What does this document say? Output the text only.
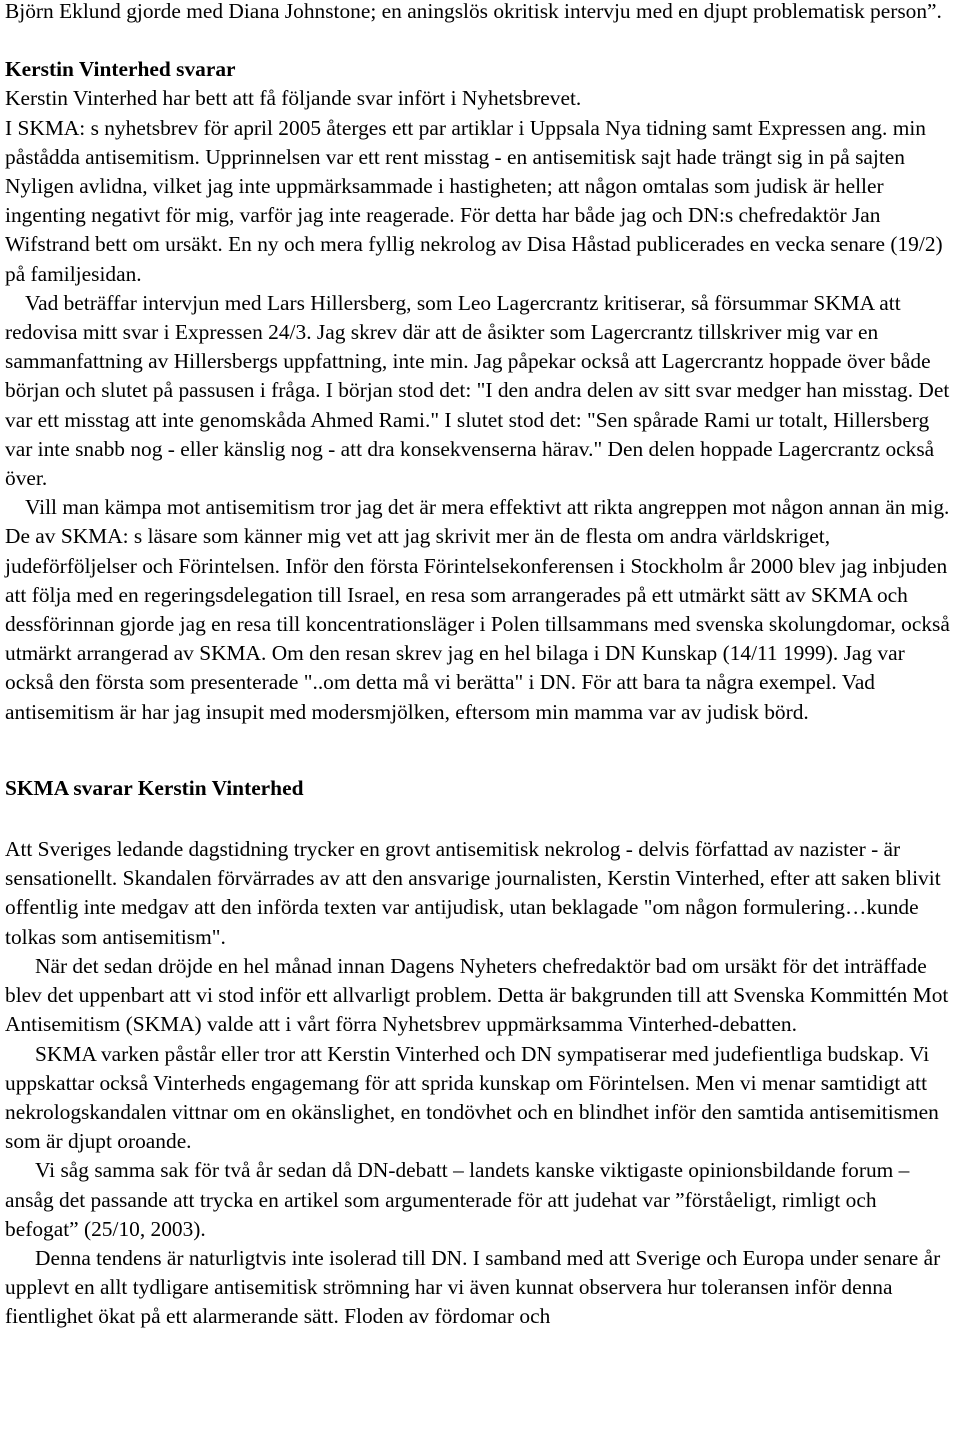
Björn Eklund gjorde med Diana Johnstone; en aningslös okritisk intervju med en djupt problematisk person”.

Kerstin Vinterhed svarar

Kerstin Vinterhed har bett att få följande svar infört i Nyhetsbrevet.

I SKMA: s nyhetsbrev för april 2005 återges ett par artiklar i Uppsala Nya tidning samt Expressen ang. min påstådda antisemitism. Upprinnelsen var ett rent misstag - en antisemitisk sajt hade trängt sig in på sajten Nyligen avlidna, vilket jag inte uppmärksammade i hastigheten; att någon omtalas som judisk är heller ingenting negativt för mig, varför jag inte reagerade. För detta har både jag och DN:s chefredaktör Jan Wifstrand bett om ursäkt. En ny och mera fyllig nekrolog av Disa Håstad publicerades en vecka senare (19/2) på familjesidan.

Vad beträffar intervjun med Lars Hillersberg, som Leo Lagercrantz kritiserar, så försummar SKMA att redovisa mitt svar i Expressen 24/3. Jag skrev där att de åsikter som Lagercrantz tillskriver mig var en sammanfattning av Hillersbergs uppfattning, inte min. Jag påpekar också att Lagercrantz hoppade över både början och slutet på passusen i fråga. I början stod det: "I den andra delen av sitt svar medger han misstag. Det var ett misstag att inte genomskåda Ahmed Rami." I slutet stod det: "Sen spårade Rami ur totalt, Hillersberg var inte snabb nog - eller känslig nog - att dra konsekvenserna härav." Den delen hoppade Lagercrantz också över.

Vill man kämpa mot antisemitism tror jag det är mera effektivt att rikta angreppen mot någon annan än mig. De av SKMA: s läsare som känner mig vet att jag skrivit mer än de flesta om andra världskriget, judeförföljelser och Förintelsen. Inför den första Förintelsekonferensen i Stockholm år 2000 blev jag inbjuden att följa med en regeringsdelegation till Israel, en resa som arrangerades på ett utmärkt sätt av SKMA och dessförinnan gjorde jag en resa till koncentrationsläger i Polen tillsammans med svenska skolungdomar, också utmärkt arrangerad av SKMA. Om den resan skrev jag en hel bilaga i DN Kunskap (14/11 1999). Jag var också den första som presenterade "..om detta må vi berätta" i DN. För att bara ta några exempel. Vad antisemitism är har jag insupit med modersmjölken, eftersom min mamma var av judisk börd.

SKMA svarar Kerstin Vinterhed

Att Sveriges ledande dagstidning trycker en grovt antisemitisk nekrolog - delvis författad av nazister - är sensationellt. Skandalen förvärrades av att den ansvarige journalisten, Kerstin Vinterhed, efter att saken blivit offentlig inte medgav att den införda texten var antijudisk, utan beklagade "om någon formulering…kunde tolkas som antisemitism".

När det sedan dröjde en hel månad innan Dagens Nyheters chefredaktör bad om ursäkt för det inträffade blev det uppenbart att vi stod inför ett allvarligt problem. Detta är bakgrunden till att Svenska Kommittén Mot Antisemitism (SKMA) valde att i vårt förra Nyhetsbrev uppmärksamma Vinterhed-debatten.

SKMA varken påstår eller tror att Kerstin Vinterhed och DN sympatiserar med judefientliga budskap. Vi uppskattar också Vinterheds engagemang för att sprida kunskap om Förintelsen. Men vi menar samtidigt att nekrologskandalen vittnar om en okänslighet, en tondövhet och en blindhet inför den samtida antisemitismen som är djupt oroande.

Vi såg samma sak för två år sedan då DN-debatt – landets kanske viktigaste opinionsbildande forum – ansåg det passande att trycka en artikel som argumenterade för att judehat var ”förståeligt, rimligt och befogat” (25/10, 2003).

Denna tendens är naturligtvis inte isolerad till DN. I samband med att Sverige och Europa under senare år upplevt en allt tydligare antisemitisk strömning har vi även kunnat observera hur toleransen inför denna fientlighet ökat på ett alarmerande sätt. Floden av fördomar och
